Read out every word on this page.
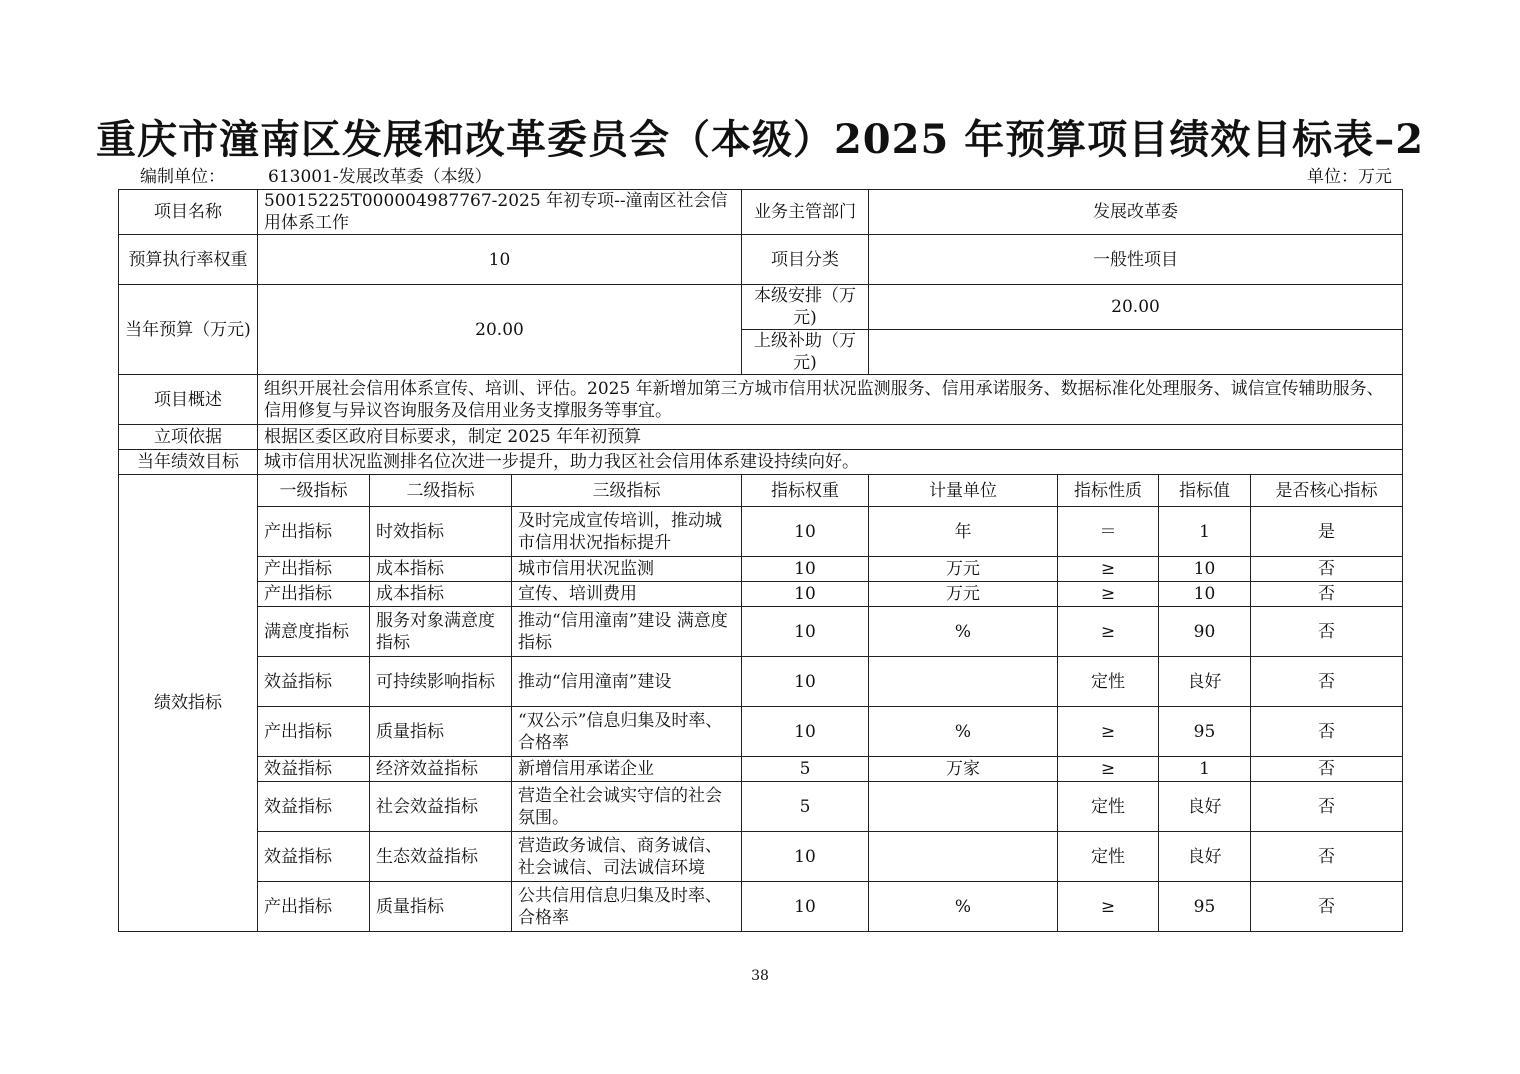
重庆市潼南区发展和改革委员会（本级）2025 年预算项目绩效目标表–2
编制单位：	613001-发展改革委（本级）	单位：万元
项目名称	50015225T000004987767-2025 年初专项--潼南区社会信用体系工作			业务主管部门	发展改革委			
预算执行率权重	10			项目分类	一般性项目			
当年预算（万元)	20.00			本级安排（万元)	20.00			
				上级补助（万元)				
项目概述	组织开展社会信用体系宣传、培训、评估。2025 年新增加第三方城市信用状况监测服务、信用承诺服务、数据标准化处理服务、诚信宣传辅助服务、信用修复与异议咨询服务及信用业务支撑服务等事宜。							
立项依据	根据区委区政府目标要求，制定 2025 年年初预算							
当年绩效目标	城市信用状况监测排名位次进一步提升，助力我区社会信用体系建设持续向好。							
绩效指标	一级指标	二级指标	三级指标	指标权重	计量单位	指标性质	指标值	是否核心指标
	产出指标	时效指标	及时完成宣传培训，推动城市信用状况指标提升	10	年	＝	1	是
	产出指标	成本指标	城市信用状况监测	10	万元	≥	10	否
	产出指标	成本指标	宣传、培训费用	10	万元	≥	10	否
	满意度指标	服务对象满意度指标	推动“信用潼南”建设 满意度指标	10	%	≥	90	否
	效益指标	可持续影响指标	推动“信用潼南”建设	10		定性	良好	否
	产出指标	质量指标	“双公示”信息归集及时率、合格率	10	%	≥	95	否
	效益指标	经济效益指标	新增信用承诺企业	5	万家	≥	1	否
	效益指标	社会效益指标	营造全社会诚实守信的社会氛围。	5		定性	良好	否
	效益指标	生态效益指标	营造政务诚信、商务诚信、社会诚信、司法诚信环境	10		定性	良好	否
	产出指标	质量指标	公共信用信息归集及时率、合格率	10	%	≥	95	否
38
